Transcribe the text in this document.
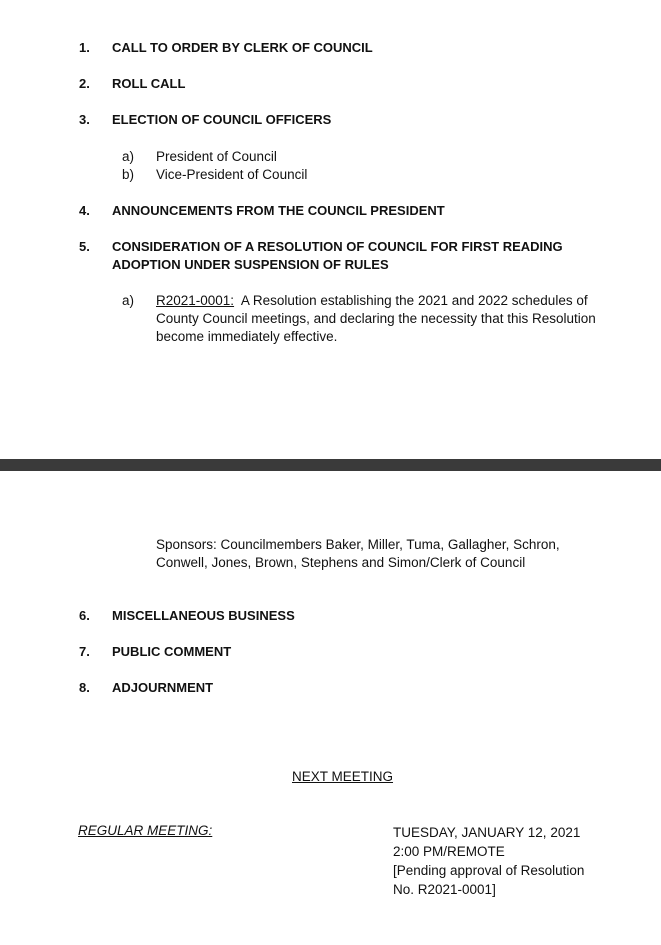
1. CALL TO ORDER BY CLERK OF COUNCIL
2. ROLL CALL
3. ELECTION OF COUNCIL OFFICERS
a) President of Council
b) Vice-President of Council
4. ANNOUNCEMENTS FROM THE COUNCIL PRESIDENT
5. CONSIDERATION OF A RESOLUTION OF COUNCIL FOR FIRST READING
ADOPTION UNDER SUSPENSION OF RULES
a) R2021-0001: A Resolution establishing the 2021 and 2022 schedules of
County Council meetings, and declaring the necessity that this Resolution
become immediately effective.
Sponsors: Councilmembers Baker, Miller, Tuma, Gallagher, Schron,
Conwell, Jones, Brown, Stephens and Simon/Clerk of Council
6. MISCELLANEOUS BUSINESS
7. PUBLIC COMMENT
8. ADJOURNMENT
NEXT MEETING
REGULAR MEETING:	TUESDAY, JANUARY 12, 2021
2:00 PM/REMOTE
[Pending approval of Resolution
No. R2021-0001]
